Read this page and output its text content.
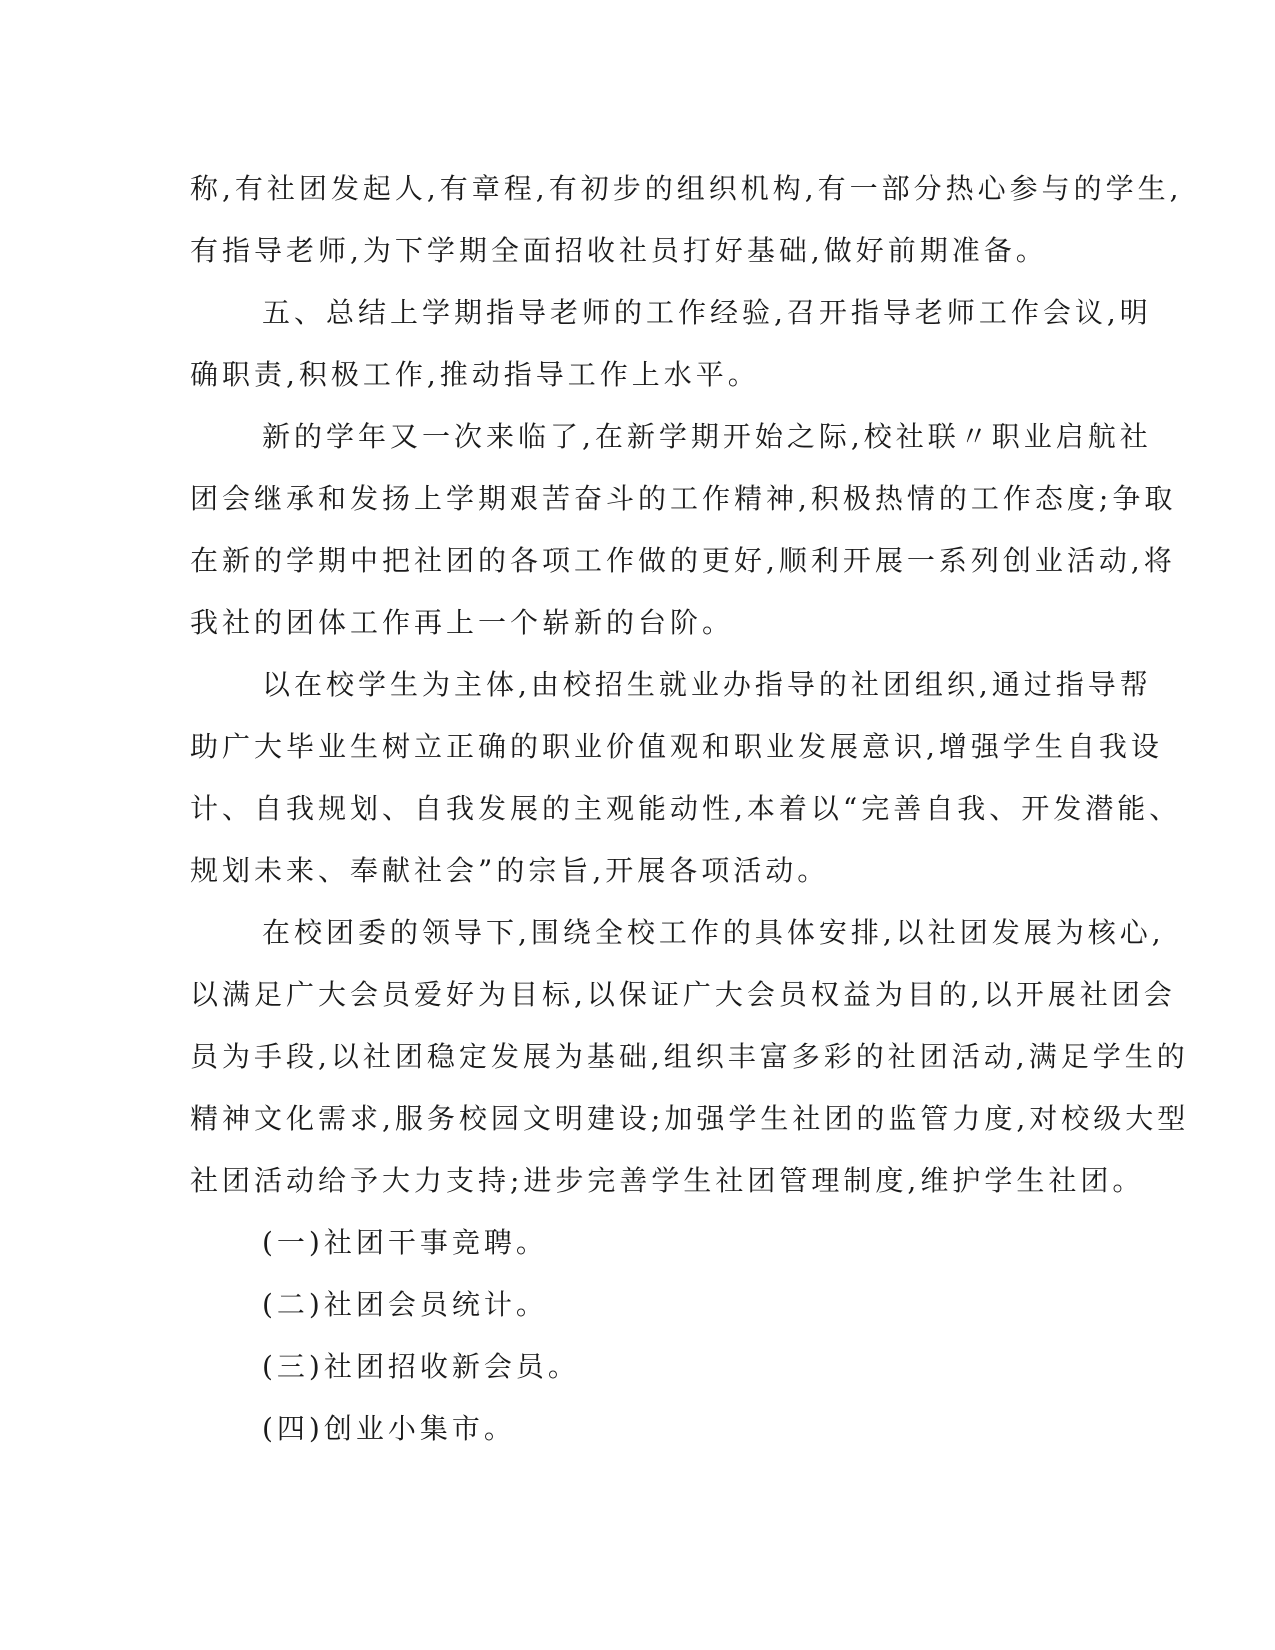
称,有社团发起人,有章程,有初步的组织机构,有一部分热心参与的学生,
有指导老师,为下学期全面招收社员打好基础,做好前期准备。
五、总结上学期指导老师的工作经验,召开指导老师工作会议,明
确职责,积极工作,推动指导工作上水平。
新的学年又一次来临了,在新学期开始之际,校社联〃职业启航社
团会继承和发扬上学期艰苦奋斗的工作精神,积极热情的工作态度;争取
在新的学期中把社团的各项工作做的更好,顺利开展一系列创业活动,将
我社的团体工作再上一个崭新的台阶。
以在校学生为主体,由校招生就业办指导的社团组织,通过指导帮
助广大毕业生树立正确的职业价值观和职业发展意识,增强学生自我设
计、自我规划、自我发展的主观能动性,本着以“完善自我、开发潜能、
规划未来、奉献社会”的宗旨,开展各项活动。
在校团委的领导下,围绕全校工作的具体安排,以社团发展为核心,
以满足广大会员爱好为目标,以保证广大会员权益为目的,以开展社团会
员为手段,以社团稳定发展为基础,组织丰富多彩的社团活动,满足学生的
精神文化需求,服务校园文明建设;加强学生社团的监管力度,对校级大型
社团活动给予大力支持;进步完善学生社团管理制度,维护学生社团。
(一)社团干事竞聘。
(二)社团会员统计。
(三)社团招收新会员。
(四)创业小集市。
